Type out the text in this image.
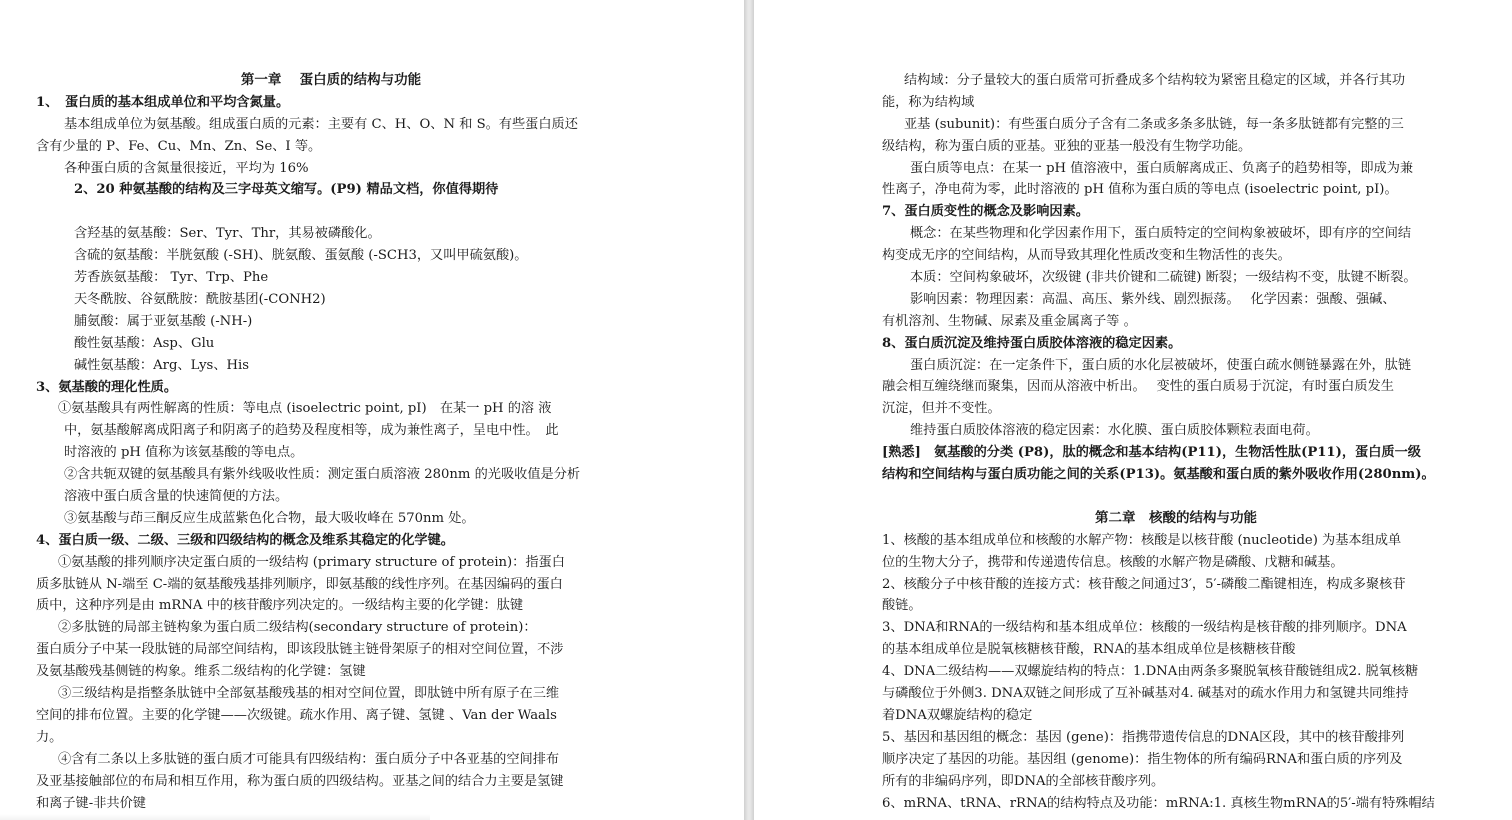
第一章　 蛋白质的结构与功能
1、　蛋白质的基本组成单位和平均含氮量。
基本组成单位为氨基酸。组成蛋白质的元素：主要有 C、H、O、N 和 S。有些蛋白质还
含有少量的 P、Fe、Cu、Mn、Zn、Se、I 等。
各种蛋白质的含氮量很接近，平均为 16%
2、20 种氨基酸的结构及三字母英文缩写。(P9) 精品文档，你值得期待
含羟基的氨基酸：Ser、Tyr、Thr，其易被磷酸化。
含硫的氨基酸：半胱氨酸 (-SH)、胱氨酸、蛋氨酸 (-SCH3，又叫甲硫氨酸)。
芳香族氨基酸： Tyr、Trp、Phe
天冬酰胺、谷氨酰胺：酰胺基团(-CONH2)
脯氨酸：属于亚氨基酸 (-NH-)
酸性氨基酸：Asp、Glu
碱性氨基酸：Arg、Lys、His
3、氨基酸的理化性质。
①氨基酸具有两性解离的性质：等电点 (isoelectric point, pI)　在某一 pH 的溶 液
中，氨基酸解离成阳离子和阴离子的趋势及程度相等，成为兼性离子，呈电中性。　此
时溶液的 pH 值称为该氨基酸的等电点。
②含共轭双键的氨基酸具有紫外线吸收性质：测定蛋白质溶液 280nm 的光吸收值是分析
溶液中蛋白质含量的快速简便的方法。
③氨基酸与茚三酮反应生成蓝紫色化合物，最大吸收峰在 570nm 处。
4、蛋白质一级、二级、三级和四级结构的概念及维系其稳定的化学键。
①氨基酸的排列顺序决定蛋白质的一级结构 (primary structure of protein)：指蛋白
质多肽链从 N-端至 C-端的氨基酸残基排列顺序，即氨基酸的线性序列。在基因编码的蛋白
质中，这种序列是由 mRNA 中的核苷酸序列决定的。一级结构主要的化学键：肽键
②多肽链的局部主链构象为蛋白质二级结构(secondary structure of protein)：
蛋白质分子中某一段肽链的局部空间结构，即该段肽链主链骨架原子的相对空间位置，不涉
及氨基酸残基侧链的构象。维系二级结构的化学键：氢键
③三级结构是指整条肽链中全部氨基酸残基的相对空间位置，即肽链中所有原子在三维
空间的排布位置。主要的化学键——次级键。疏水作用、离子键、氢键 、Van der Waals
力。
④含有二条以上多肽链的蛋白质才可能具有四级结构：蛋白质分子中各亚基的空间排布
及亚基接触部位的布局和相互作用，称为蛋白质的四级结构。亚基之间的结合力主要是氢键
和离子键-非共价键
结构域：分子量较大的蛋白质常可折叠成多个结构较为紧密且稳定的区域，并各行其功
能，称为结构域
亚基 (subunit)：有些蛋白质分子含有二条或多条多肽链，每一条多肽链都有完整的三
级结构，称为蛋白质的亚基。亚独的亚基一般没有生物学功能。
蛋白质等电点：在某一 pH 值溶液中，蛋白质解离成正、负离子的趋势相等，即成为兼
性离子，净电荷为零，此时溶液的 pH 值称为蛋白质的等电点 (isoelectric point, pI)。
7、蛋白质变性的概念及影响因素。
概念：在某些物理和化学因素作用下，蛋白质特定的空间构象被破坏，即有序的空间结
构变成无序的空间结构，从而导致其理化性质改变和生物活性的丧失。
本质：空间构象破坏，次级键 (非共价键和二硫键) 断裂；一级结构不变，肽键不断裂。
影响因素：物理因素：高温、高压、紫外线、剧烈振荡。　 化学因素：强酸、强碱、
有机溶剂、生物碱、尿素及重金属离子等 。
8、蛋白质沉淀及维持蛋白质胶体溶液的稳定因素。
蛋白质沉淀：在一定条件下，蛋白质的水化层被破坏，使蛋白疏水侧链暴露在外，肽链
融会相互缠绕继而聚集，因而从溶液中析出。　 变性的蛋白质易于沉淀，有时蛋白质发生
沉淀，但并不变性。
维持蛋白质胶体溶液的稳定因素：水化膜、蛋白质胶体颗粒表面电荷。
[熟悉]　氨基酸的分类 (P8)，肽的概念和基本结构(P11)，生物活性肽(P11)，蛋白质一级
结构和空间结构与蛋白质功能之间的关系(P13)。氨基酸和蛋白质的紫外吸收作用(280nm)。
第二章　核酸的结构与功能
1、核酸的基本组成单位和核酸的水解产物：核酸是以核苷酸 (nucleotide) 为基本组成单
位的生物大分子，携带和传递遗传信息。核酸的水解产物是磷酸、戊糖和碱基。
2、核酸分子中核苷酸的连接方式：核苷酸之间通过3′，5′-磷酸二酯键相连，构成多聚核苷
酸链。
3、DNA和RNA的一级结构和基本组成单位：核酸的一级结构是核苷酸的排列顺序。DNA
的基本组成单位是脱氧核糖核苷酸，RNA的基本组成单位是核糖核苷酸
4、DNA二级结构——双螺旋结构的特点：1.DNA由两条多聚脱氧核苷酸链组成2. 脱氧核糖
与磷酸位于外侧3. DNA双链之间形成了互补碱基对4. 碱基对的疏水作用力和氢键共同维持
着DNA双螺旋结构的稳定
5、基因和基因组的概念：基因 (gene)：指携带遗传信息的DNA区段，其中的核苷酸排列
顺序决定了基因的功能。基因组 (genome)：指生物体的所有编码RNA和蛋白质的序列及
所有的非编码序列，即DNA的全部核苷酸序列。
6、mRNA、tRNA、rRNA的结构特点及功能：mRNA:1. 真核生物mRNA的5′-端有特殊帽结
